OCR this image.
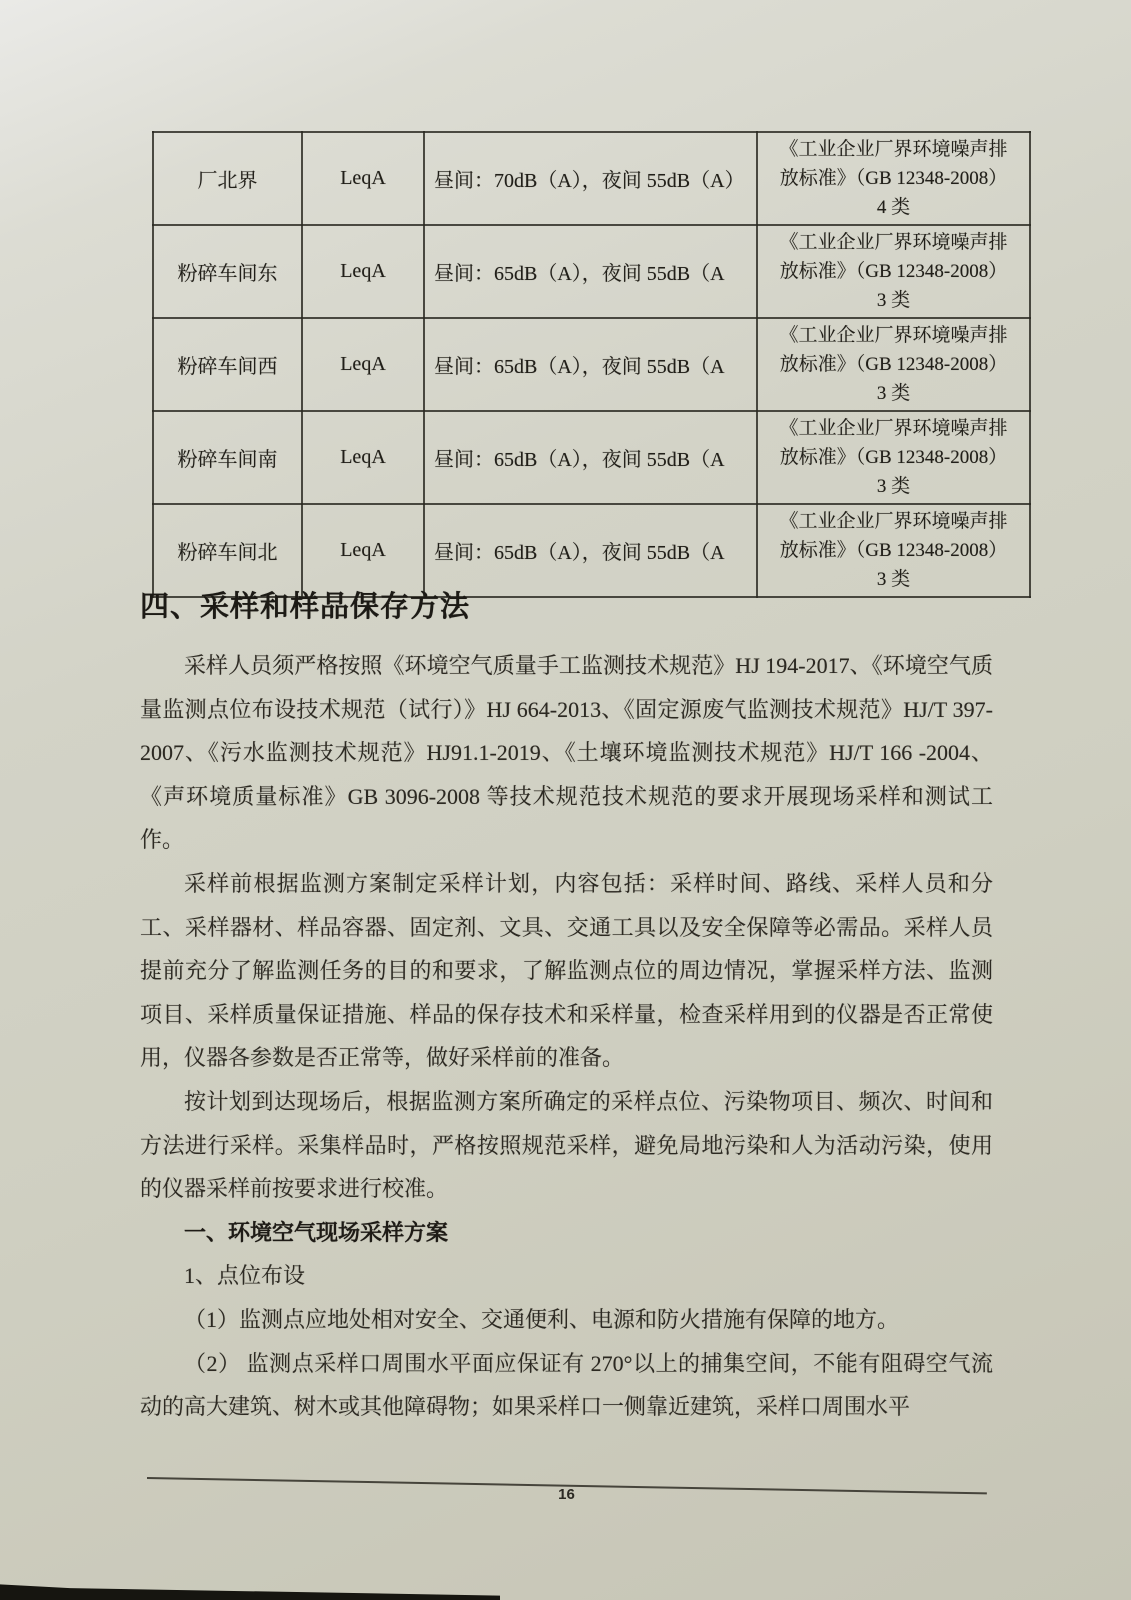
厂北界	LeqA	昼间：70dB（A），夜间 55dB（A）	《工业企业厂界环境噪声排
放标准》（GB 12348-2008）
4 类

粉碎车间东	LeqA	昼间：65dB（A），夜间 55dB（A	《工业企业厂界环境噪声排
放标准》（GB 12348-2008）
3 类

粉碎车间西	LeqA	昼间：65dB（A），夜间 55dB（A	《工业企业厂界环境噪声排
放标准》（GB 12348-2008）
3 类

粉碎车间南	LeqA	昼间：65dB（A），夜间 55dB（A	《工业企业厂界环境噪声排
放标准》（GB 12348-2008）
3 类

粉碎车间北	LeqA	昼间：65dB（A），夜间 55dB（A	《工业企业厂界环境噪声排
放标准》（GB 12348-2008）
3 类
四、采样和样品保存方法

采样人员须严格按照《环境空气质量手工监测技术规范》HJ 194-2017、《环境空气质量监测点位布设技术规范（试行）》HJ 664-2013、《固定源废气监测技术规范》HJ/T 397-2007、《污水监测技术规范》HJ91.1-2019、《土壤环境监测技术规范》HJ/T 166 -2004、《声环境质量标准》GB 3096-2008 等技术规范技术规范的要求开展现场采样和测试工作。

采样前根据监测方案制定采样计划，内容包括：采样时间、路线、采样人员和分工、采样器材、样品容器、固定剂、文具、交通工具以及安全保障等必需品。采样人员提前充分了解监测任务的目的和要求，了解监测点位的周边情况，掌握采样方法、监测项目、采样质量保证措施、样品的保存技术和采样量，检查采样用到的仪器是否正常使用，仪器各参数是否正常等，做好采样前的准备。

按计划到达现场后，根据监测方案所确定的采样点位、污染物项目、频次、时间和方法进行采样。采集样品时，严格按照规范采样，避免局地污染和人为活动污染，使用的仪器采样前按要求进行校准。

一、环境空气现场采样方案

1、点位布设

（1）监测点应地处相对安全、交通便利、电源和防火措施有保障的地方。

（2） 监测点采样口周围水平面应保证有 270°以上的捕集空间，不能有阻碍空气流动的高大建筑、树木或其他障碍物；如果采样口一侧靠近建筑，采样口周围水平

16
